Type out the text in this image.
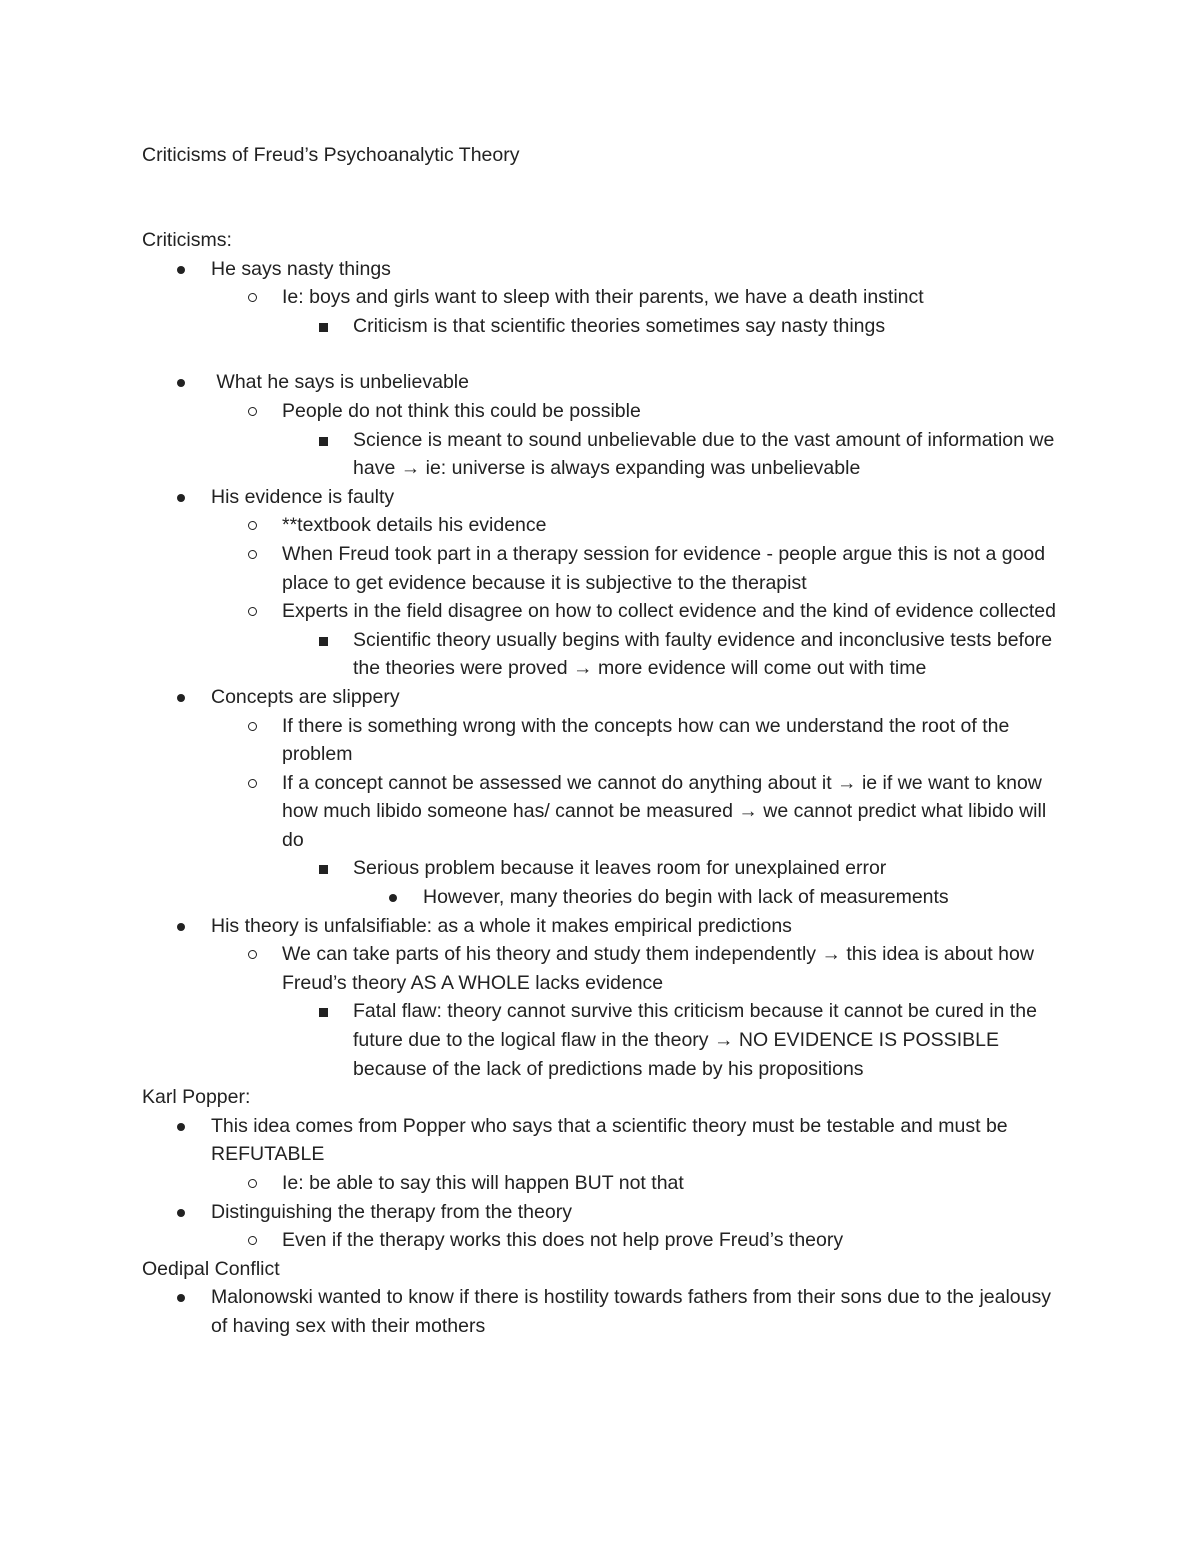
Criticisms of Freud’s Psychoanalytic Theory
Criticisms:
He says nasty things
Ie: boys and girls want to sleep with their parents, we have a death instinct
Criticism is that scientific theories sometimes say nasty things
What he says is unbelievable
People do not think this could be possible
Science is meant to sound unbelievable due to the vast amount of information we have → ie: universe is always expanding was unbelievable
His evidence is faulty
**textbook details his evidence
When Freud took part in a therapy session for evidence - people argue this is not a good place to get evidence because it is subjective to the therapist
Experts in the field disagree on how to collect evidence and the kind of evidence collected
Scientific theory usually begins with faulty evidence and inconclusive tests before the theories were proved → more evidence will come out with time
Concepts are slippery
If there is something wrong with the concepts how can we understand the root of the problem
If a concept cannot be assessed we cannot do anything about it → ie if we want to know how much libido someone has/ cannot be measured → we cannot predict what libido will do
Serious problem because it leaves room for unexplained error
However, many theories do begin with lack of measurements
His theory is unfalsifiable: as a whole it makes empirical predictions
We can take parts of his theory and study them independently → this idea is about how Freud’s theory AS A WHOLE lacks evidence
Fatal flaw: theory cannot survive this criticism because it cannot be cured in the future due to the logical flaw in the theory → NO EVIDENCE IS POSSIBLE because of the lack of predictions made by his propositions
Karl Popper:
This idea comes from Popper who says that a scientific theory must be testable and must be REFUTABLE
Ie: be able to say this will happen BUT not that
Distinguishing the therapy from the theory
Even if the therapy works this does not help prove Freud’s theory
Oedipal Conflict
Malonowski wanted to know if there is hostility towards fathers from their sons due to the jealousy of having sex with their mothers
